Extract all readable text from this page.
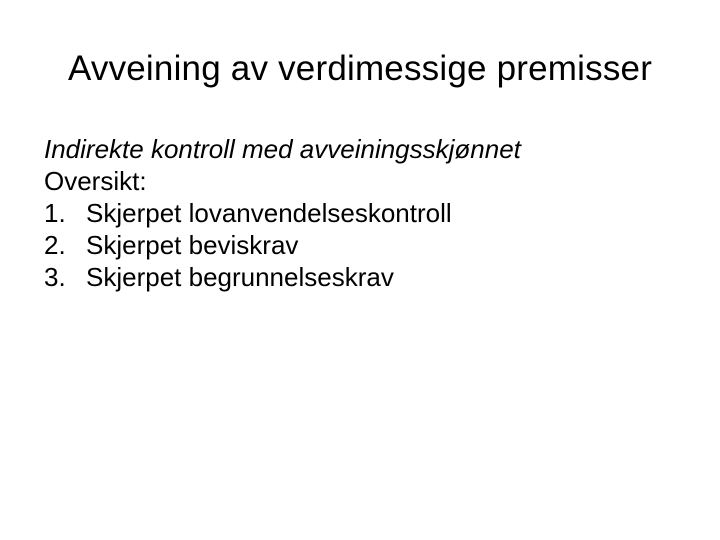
Avveining av verdimessige premisser

Indirekte kontroll med avveiningsskjønnet

Oversikt:

1. Skjerpet lovanvendelseskontroll
2. Skjerpet beviskrav
3. Skjerpet begrunnelseskrav
